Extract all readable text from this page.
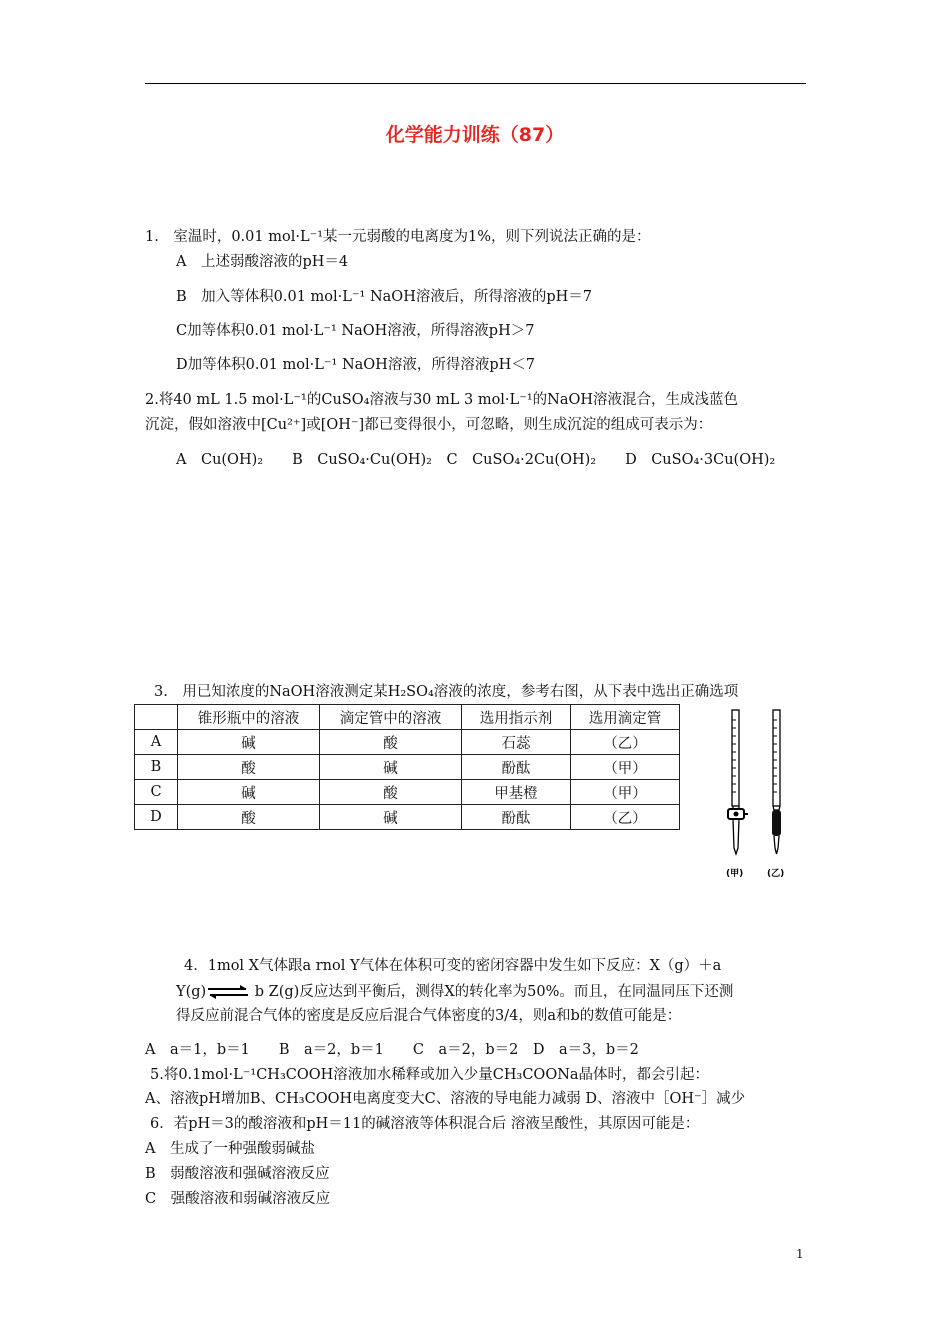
化学能力训练（87）
1.　室温时，0.01 mol·L⁻¹某一元弱酸的电离度为1%，则下列说法正确的是：
A　上述弱酸溶液的pH＝4
B　加入等体积0.01 mol·L⁻¹ NaOH溶液后，所得溶液的pH＝7
C加等体积0.01 mol·L⁻¹ NaOH溶液，所得溶液pH＞7
D加等体积0.01 mol·L⁻¹ NaOH溶液，所得溶液pH＜7
2.将40 mL 1.5 mol·L⁻¹的CuSO₄溶液与30 mL 3 mol·L⁻¹的NaOH溶液混合，生成浅蓝色
沉淀，假如溶液中[Cu²⁺]或[OH⁻]都已变得很小，可忽略，则生成沉淀的组成可表示为：
A　Cu(OH)₂　　B　CuSO₄·Cu(OH)₂　C　CuSO₄·2Cu(OH)₂　　D　CuSO₄·3Cu(OH)₂
3.　用已知浓度的NaOH溶液测定某H₂SO₄溶液的浓度，参考右图，从下表中选出正确选项
	锥形瓶中的溶液	滴定管中的溶液	选用指示剂	选用滴定管
A	碱	酸	石蕊	（乙）
B	酸	碱	酚酞	（甲）
C	碱	酸	甲基橙	（甲）
D	酸	碱	酚酞	（乙）
(甲)	(乙)
4．1mol X气体跟a rnol Y气体在体积可变的密闭容器中发生如下反应：X（g）＋a
Y(g)⇌ b Z(g)反应达到平衡后，测得X的转化率为50%。而且，在同温同压下还测
得反应前混合气体的密度是反应后混合气体密度的3/4，则a和b的数值可能是：
A　a＝1，b＝1　　B　a＝2，b＝1　　C　a＝2，b＝2　D　a＝3，b＝2
5.将0.1mol·L⁻¹CH₃COOH溶液加水稀释或加入少量CH₃COONa晶体时，都会引起：
A、溶液pH增加B、CH₃COOH电离度变大C、溶液的导电能力减弱 D、溶液中［OH⁻］减少
6．若pH＝3的酸溶液和pH＝11的碱溶液等体积混合后 溶液呈酸性，其原因可能是：
A　生成了一种强酸弱碱盐
B　弱酸溶液和强碱溶液反应
C　强酸溶液和弱碱溶液反应
1
